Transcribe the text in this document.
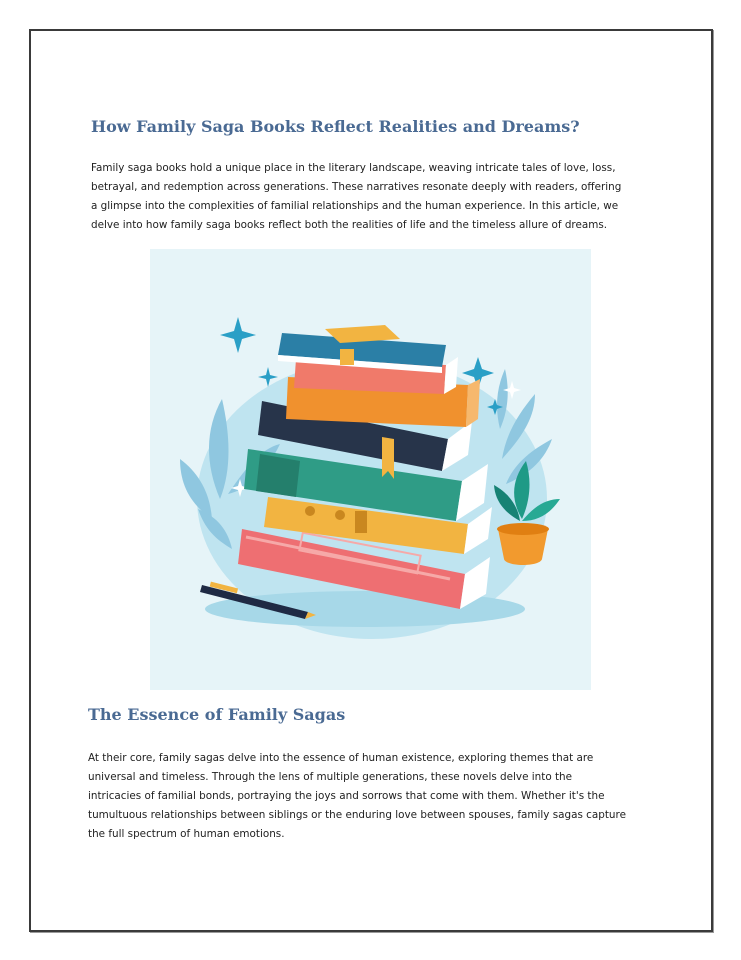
How Family Saga Books Reflect Realities and Dreams?

Family saga books hold a unique place in the literary landscape, weaving intricate tales of love, loss,
betrayal, and redemption across generations. These narratives resonate deeply with readers, offering
a glimpse into the complexities of familial relationships and the human experience. In this article, we
delve into how family saga books reflect both the realities of life and the timeless allure of dreams.

The Essence of Family Sagas

At their core, family sagas delve into the essence of human existence, exploring themes that are
universal and timeless. Through the lens of multiple generations, these novels delve into the
intricacies of familial bonds, portraying the joys and sorrows that come with them. Whether it's the
tumultuous relationships between siblings or the enduring love between spouses, family sagas capture
the full spectrum of human emotions.
